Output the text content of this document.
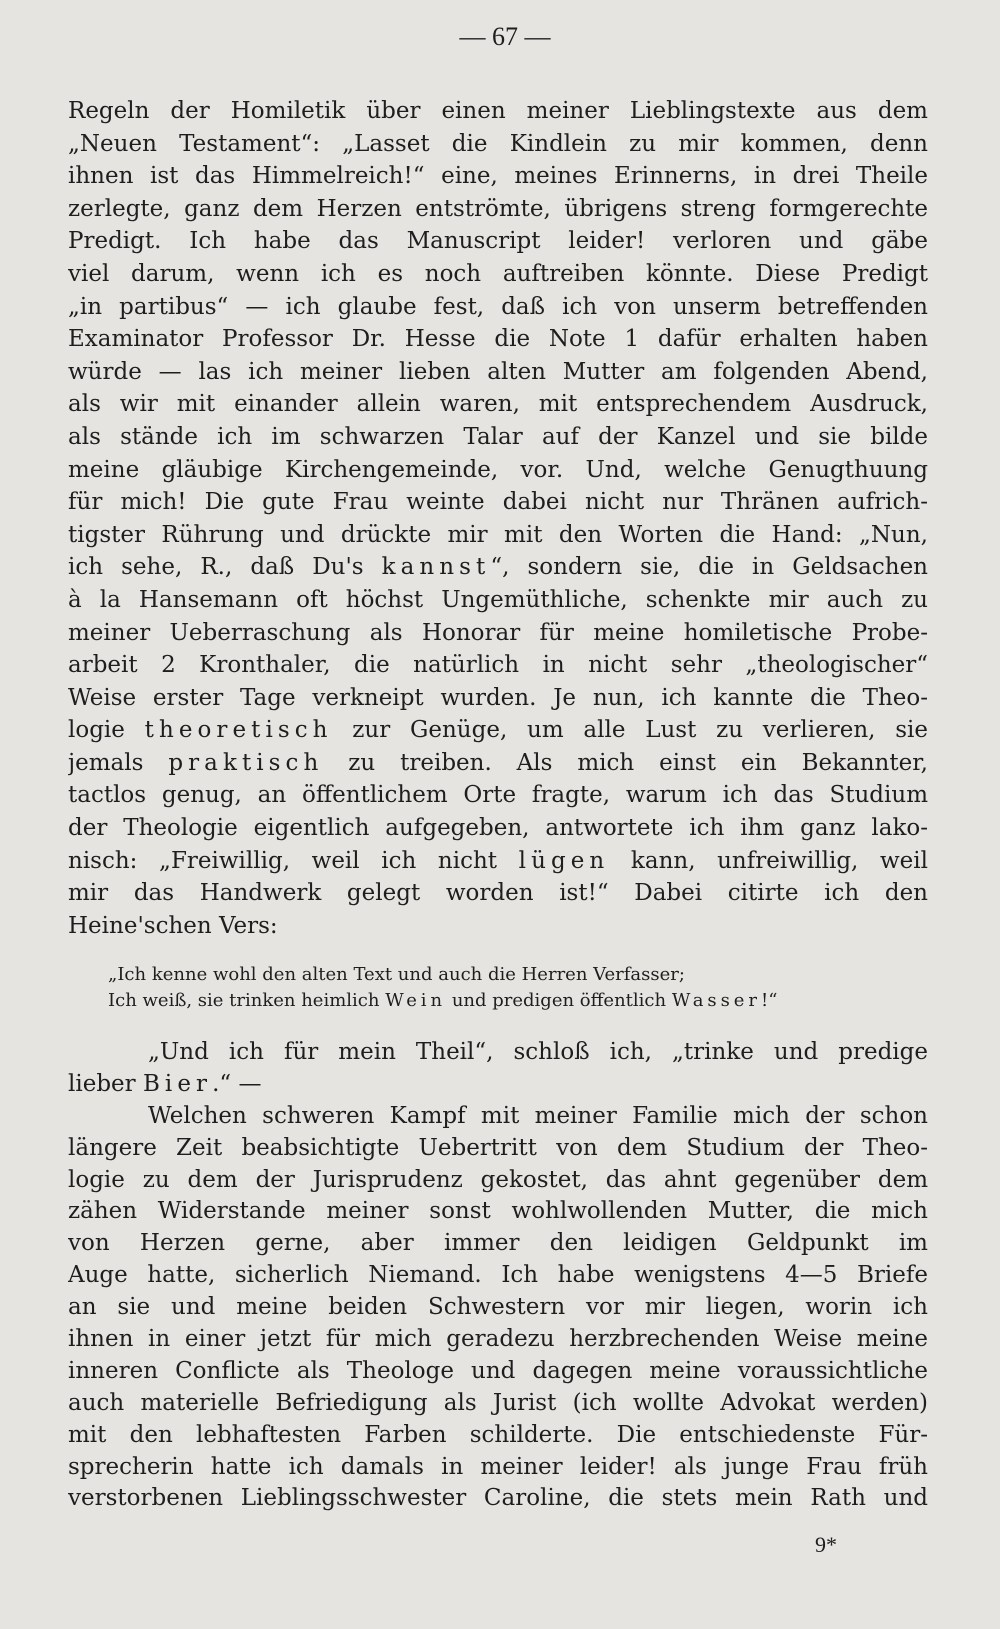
— 67 —
Regeln der Homiletik über einen meiner Lieblingstexte aus dem
„Neuen Testament“: „Lasset die Kindlein zu mir kommen, denn
ihnen ist das Himmelreich!“ eine, meines Erinnerns, in drei Theile
zerlegte, ganz dem Herzen entströmte, übrigens streng formgerechte
Predigt. Ich habe das Manuscript leider! verloren und gäbe
viel darum, wenn ich es noch auftreiben könnte. Diese Predigt
„in partibus“ — ich glaube fest, daß ich von unserm betreffenden
Examinator Professor Dr. Hesse die Note 1 dafür erhalten haben
würde — las ich meiner lieben alten Mutter am folgenden Abend,
als wir mit einander allein waren, mit entsprechendem Ausdruck,
als stände ich im schwarzen Talar auf der Kanzel und sie bilde
meine gläubige Kirchengemeinde, vor. Und, welche Genugthuung
für mich! Die gute Frau weinte dabei nicht nur Thränen aufrich-
tigster Rührung und drückte mir mit den Worten die Hand: „Nun,
ich sehe, R., daß Du's kannst“, sondern sie, die in Geldsachen
à la Hansemann oft höchst Ungemüthliche, schenkte mir auch zu
meiner Ueberraschung als Honorar für meine homiletische Probe-
arbeit 2 Kronthaler, die natürlich in nicht sehr „theologischer“
Weise erster Tage verkneipt wurden. Je nun, ich kannte die Theo-
logie theoretisch zur Genüge, um alle Lust zu verlieren, sie
jemals praktisch zu treiben. Als mich einst ein Bekannter,
tactlos genug, an öffentlichem Orte fragte, warum ich das Studium
der Theologie eigentlich aufgegeben, antwortete ich ihm ganz lako-
nisch: „Freiwillig, weil ich nicht lügen kann, unfreiwillig, weil
mir das Handwerk gelegt worden ist!“ Dabei citirte ich den
Heine'schen Vers:
„Ich kenne wohl den alten Text und auch die Herren Verfasser;
Ich weiß, sie trinken heimlich Wein und predigen öffentlich Wasser!“
„Und ich für mein Theil“, schloß ich, „trinke und predige
lieber Bier.“ —
Welchen schweren Kampf mit meiner Familie mich der schon
längere Zeit beabsichtigte Uebertritt von dem Studium der Theo-
logie zu dem der Jurisprudenz gekostet, das ahnt gegenüber dem
zähen Widerstande meiner sonst wohlwollenden Mutter, die mich
von Herzen gerne, aber immer den leidigen Geldpunkt im
Auge hatte, sicherlich Niemand. Ich habe wenigstens 4—5 Briefe
an sie und meine beiden Schwestern vor mir liegen, worin ich
ihnen in einer jetzt für mich geradezu herzbrechenden Weise meine
inneren Conflicte als Theologe und dagegen meine voraussichtliche
auch materielle Befriedigung als Jurist (ich wollte Advokat werden)
mit den lebhaftesten Farben schilderte. Die entschiedenste Für-
sprecherin hatte ich damals in meiner leider! als junge Frau früh
verstorbenen Lieblingsschwester Caroline, die stets mein Rath und
9*
